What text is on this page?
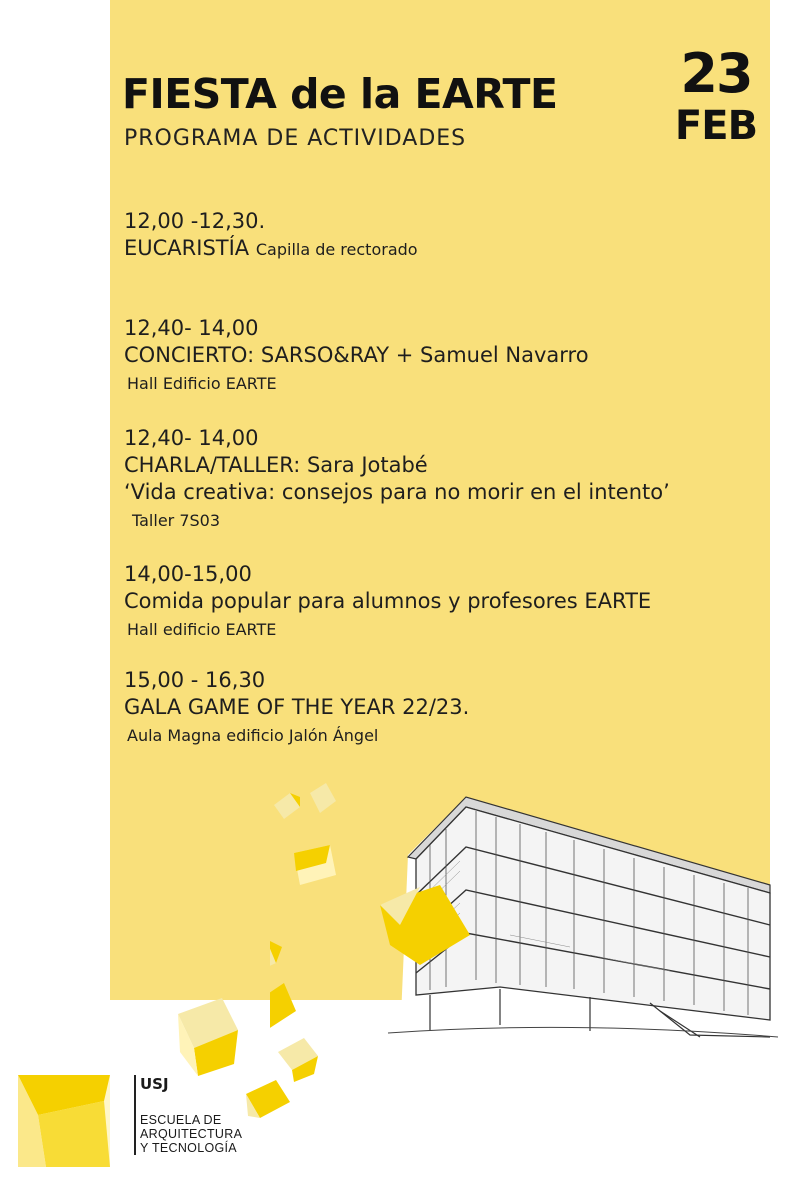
FIESTA de la EARTE
PROGRAMA DE ACTIVIDADES
23
FEB
12,00 -12,30.
EUCARISTÍA Capilla de rectorado
12,40- 14,00
CONCIERTO: SARSO&RAY + Samuel Navarro
Hall Edificio EARTE
12,40- 14,00
CHARLA/TALLER: Sara Jotabé
‘Vida creativa: consejos para no morir en el intento’
Taller 7S03
14,00-15,00
Comida popular para alumnos y profesores EARTE
Hall edificio EARTE
15,00 - 16,30
GALA GAME OF THE YEAR 22/23.
Aula Magna edificio Jalón Ángel
USJ
ESCUELA DE
ARQUITECTURA
Y TECNOLOGÍA
